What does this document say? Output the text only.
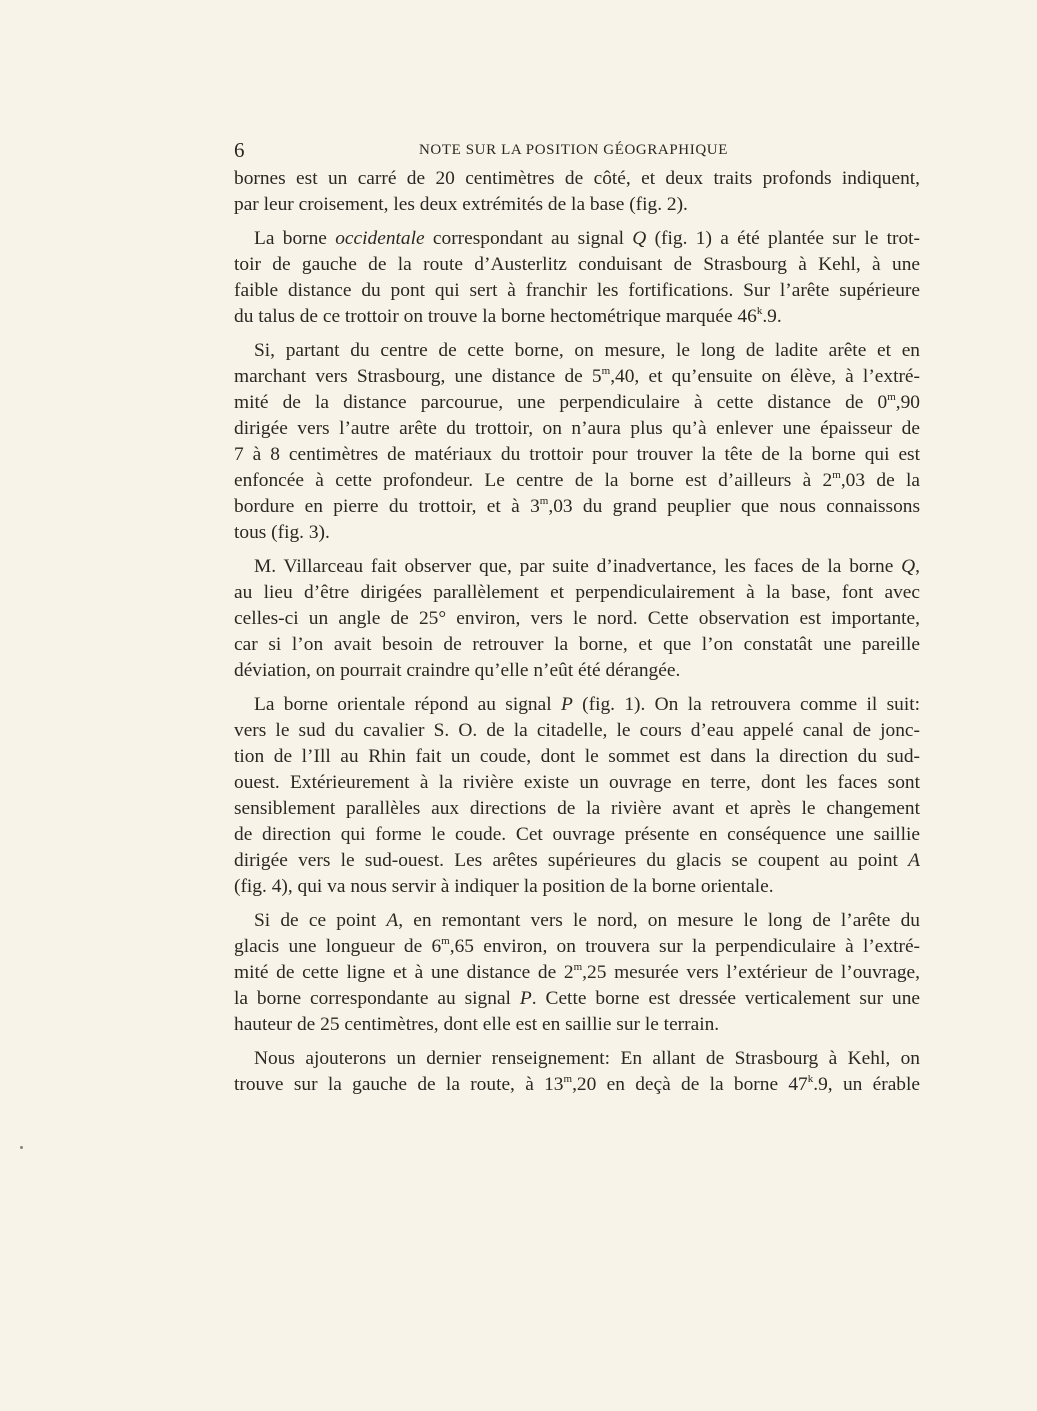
6	NOTE SUR LA POSITION GÉOGRAPHIQUE
bornes est un carré de 20 centimètres de côté, et deux traits profonds indiquent,
par leur croisement, les deux extrémités de la base (fig. 2).
La borne occidentale correspondant au signal Q (fig. 1) a été plantée sur le trot-
toir de gauche de la route d’Austerlitz conduisant de Strasbourg à Kehl, à une
faible distance du pont qui sert à franchir les fortifications. Sur l’arête supérieure
du talus de ce trottoir on trouve la borne hectométrique marquée 46$^k$.9.
Si, partant du centre de cette borne, on mesure, le long de ladite arête et en
marchant vers Strasbourg, une distance de 5$^m$,40, et qu’ensuite on élève, à l’extré-
mité de la distance parcourue, une perpendiculaire à cette distance de 0$^m$,90
dirigée vers l’autre arête du trottoir, on n’aura plus qu’à enlever une épaisseur de
7 à 8 centimètres de matériaux du trottoir pour trouver la tête de la borne qui est
enfoncée à cette profondeur. Le centre de la borne est d’ailleurs à 2$^m$,03 de la
bordure en pierre du trottoir, et à 3$^m$,03 du grand peuplier que nous connaissons
tous (fig. 3).
M. Villarceau fait observer que, par suite d’inadvertance, les faces de la borne Q,
au lieu d’être dirigées parallèlement et perpendiculairement à la base, font avec
celles-ci un angle de 25° environ, vers le nord. Cette observation est importante,
car si l’on avait besoin de retrouver la borne, et que l’on constatât une pareille
déviation, on pourrait craindre qu’elle n’eût été dérangée.
La borne orientale répond au signal P (fig. 1). On la retrouvera comme il suit:
vers le sud du cavalier S. O. de la citadelle, le cours d’eau appelé canal de jonc-
tion de l’Ill au Rhin fait un coude, dont le sommet est dans la direction du sud-
ouest. Extérieurement à la rivière existe un ouvrage en terre, dont les faces sont
sensiblement parallèles aux directions de la rivière avant et après le changement
de direction qui forme le coude. Cet ouvrage présente en conséquence une saillie
dirigée vers le sud-ouest. Les arêtes supérieures du glacis se coupent au point A
(fig. 4), qui va nous servir à indiquer la position de la borne orientale.
Si de ce point A, en remontant vers le nord, on mesure le long de l’arête du
glacis une longueur de 6$^m$,65 environ, on trouvera sur la perpendiculaire à l’extré-
mité de cette ligne et à une distance de 2$^m$,25 mesurée vers l’extérieur de l’ouvrage,
la borne correspondante au signal P. Cette borne est dressée verticalement sur une
hauteur de 25 centimètres, dont elle est en saillie sur le terrain.
Nous ajouterons un dernier renseignement: En allant de Strasbourg à Kehl, on
trouve sur la gauche de la route, à 13$^m$,20 en deçà de la borne 47$^k$.9, un érable
